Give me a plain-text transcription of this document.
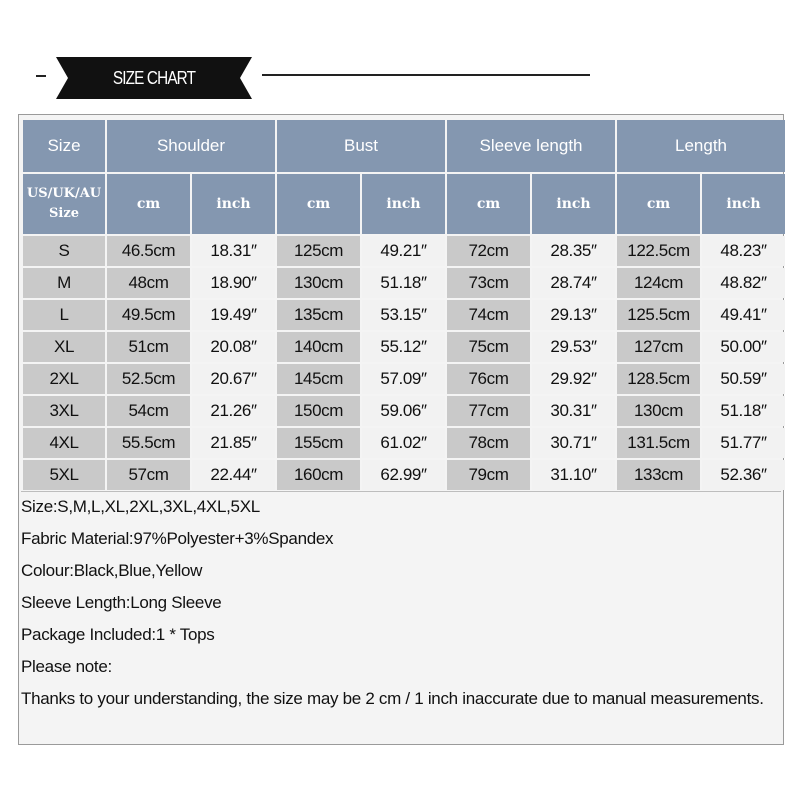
SIZE CHART
Size	Shoulder		Bust		Sleeve length		Length	

US/UK/AU
Size	cm	inch	cm	inch	cm	inch	cm	inch
S	46.5cm	18.31″	125cm	49.21″	72cm	28.35″	122.5cm	48.23″
M	48cm	18.90″	130cm	51.18″	73cm	28.74″	124cm	48.82″
L	49.5cm	19.49″	135cm	53.15″	74cm	29.13″	125.5cm	49.41″
XL	51cm	20.08″	140cm	55.12″	75cm	29.53″	127cm	50.00″
2XL	52.5cm	20.67″	145cm	57.09″	76cm	29.92″	128.5cm	50.59″
3XL	54cm	21.26″	150cm	59.06″	77cm	30.31″	130cm	51.18″
4XL	55.5cm	21.85″	155cm	61.02″	78cm	30.71″	131.5cm	51.77″
5XL	57cm	22.44″	160cm	62.99″	79cm	31.10″	133cm	52.36″
Size:S,M,L,XL,2XL,3XL,4XL,5XL
Fabric Material:97%Polyester+3%Spandex
Colour:Black,Blue,Yellow
Sleeve Length:Long Sleeve
Package Included:1 * Tops
Please note:
Thanks to your understanding, the size may be 2 cm / 1 inch inaccurate due to manual measurements.
